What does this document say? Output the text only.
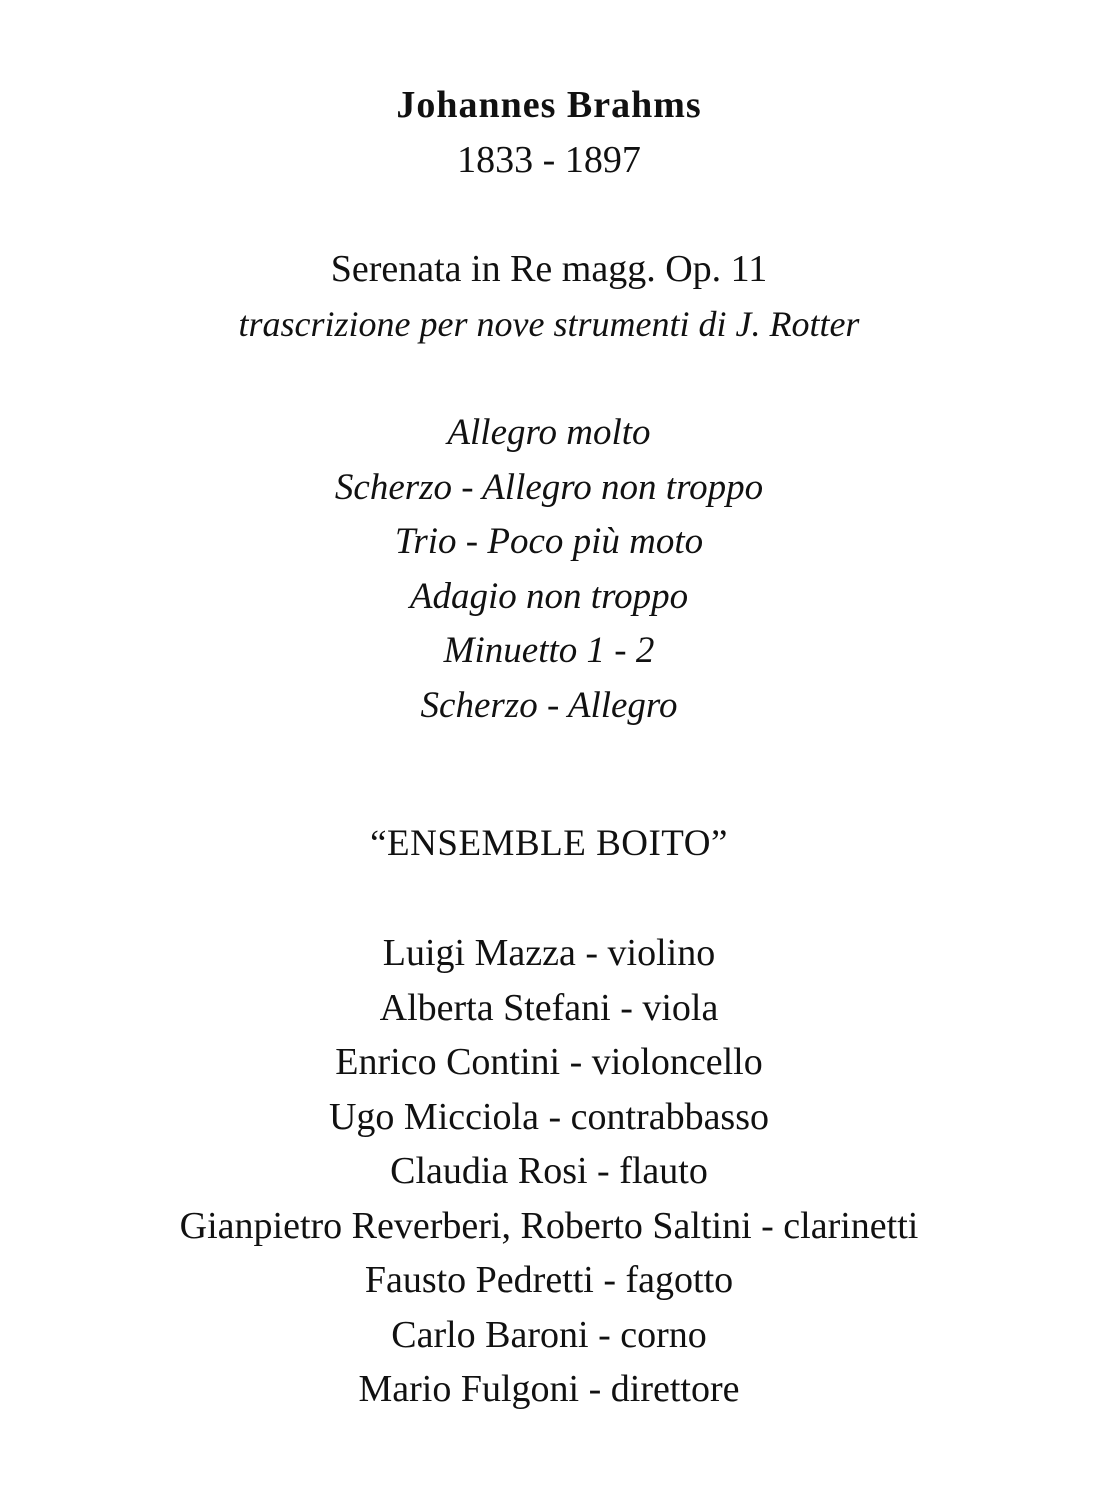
Johannes Brahms
1833 - 1897
Serenata in Re magg. Op. 11
trascrizione per nove strumenti di J. Rotter
Allegro molto
Scherzo - Allegro non troppo
Trio - Poco più moto
Adagio non troppo
Minuetto 1 - 2
Scherzo - Allegro
“ENSEMBLE BOITO”
Luigi Mazza - violino
Alberta Stefani - viola
Enrico Contini - violoncello
Ugo Micciola - contrabbasso
Claudia Rosi - flauto
Gianpietro Reverberi, Roberto Saltini - clarinetti
Fausto Pedretti - fagotto
Carlo Baroni - corno
Mario Fulgoni - direttore
